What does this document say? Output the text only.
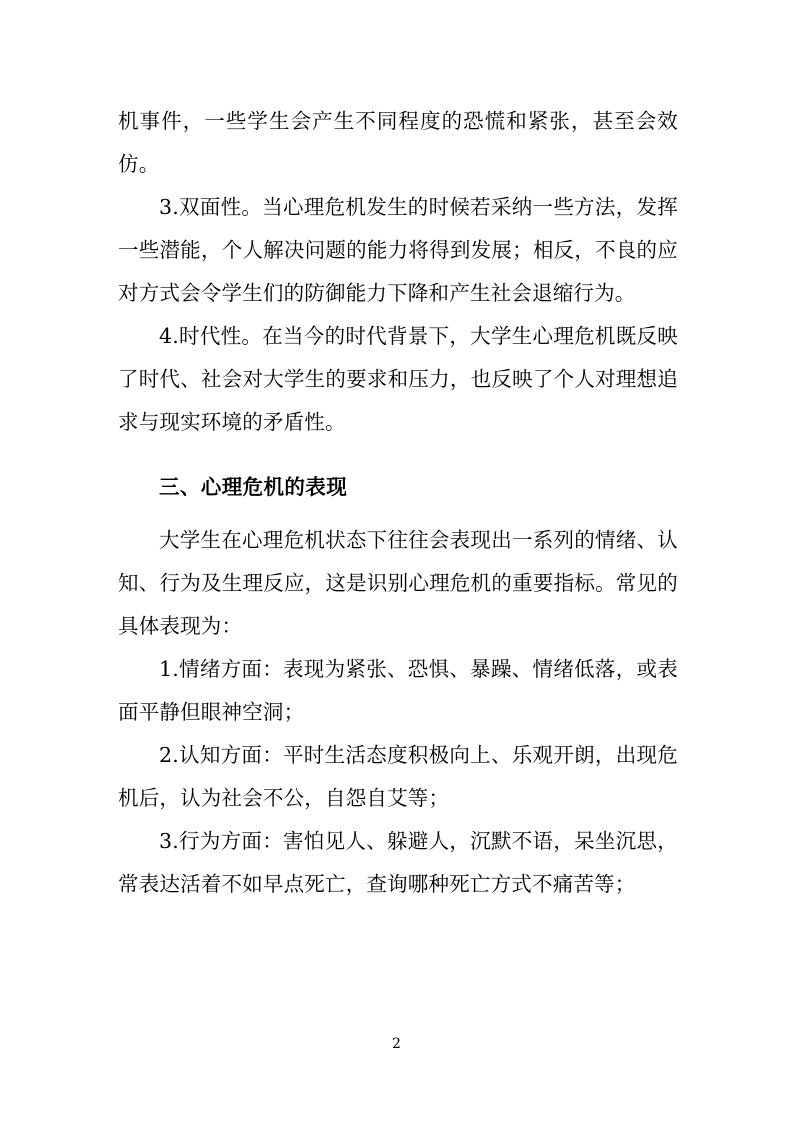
机事件，一些学生会产生不同程度的恐慌和紧张，甚至会效仿。

3.双面性。当心理危机发生的时候若采纳一些方法，发挥一些潜能，个人解决问题的能力将得到发展；相反，不良的应对方式会令学生们的防御能力下降和产生社会退缩行为。

4.时代性。在当今的时代背景下，大学生心理危机既反映了时代、社会对大学生的要求和压力，也反映了个人对理想追求与现实环境的矛盾性。

三、心理危机的表现

大学生在心理危机状态下往往会表现出一系列的情绪、认知、行为及生理反应，这是识别心理危机的重要指标。常见的具体表现为：

1.情绪方面：表现为紧张、恐惧、暴躁、情绪低落，或表面平静但眼神空洞；

2.认知方面：平时生活态度积极向上、乐观开朗，出现危机后，认为社会不公，自怨自艾等；

3.行为方面：害怕见人、躲避人，沉默不语，呆坐沉思，常表达活着不如早点死亡，查询哪种死亡方式不痛苦等；

2
